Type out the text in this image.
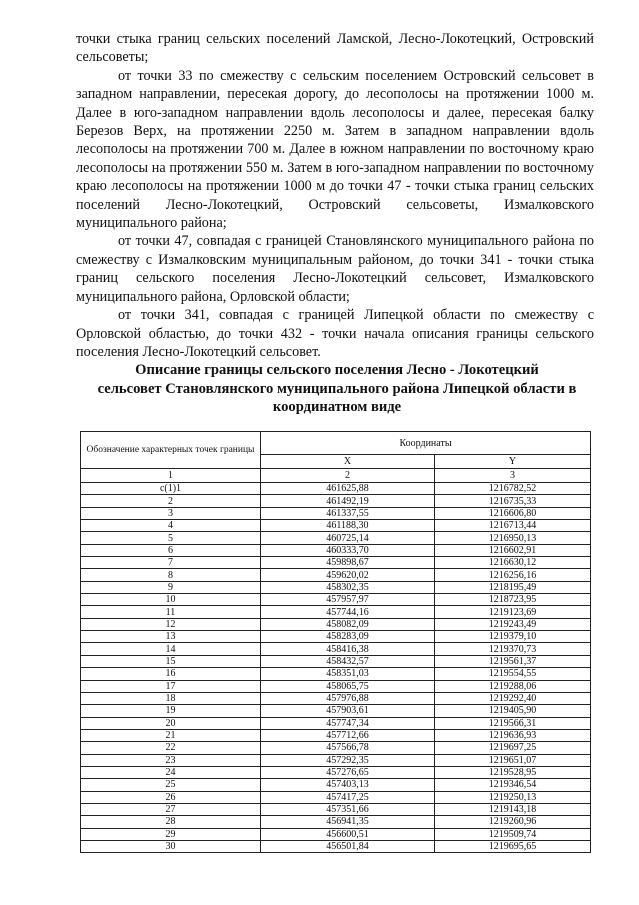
точки стыка границ сельских поселений Ламской, Лесно-Локотецкий, Островский сельсоветы;

от точки 33 по смежеству с сельским поселением Островский сельсовет в западном направлении, пересекая дорогу, до лесополосы на протяжении 1000 м. Далее в юго-западном направлении вдоль лесополосы и далее, пересекая балку Березов Верх, на протяжении 2250 м. Затем в западном направлении вдоль лесополосы на протяжении 700 м. Далее в южном направлении по восточному краю лесополосы на протяжении 550 м. Затем в юго-западном направлении по восточному краю лесополосы на протяжении 1000 м до точки 47 - точки стыка границ сельских поселений Лесно-Локотецкий, Островский сельсоветы, Измалковского муниципального района;

от точки 47, совпадая с границей Становлянского муниципального района по смежеству с Измалковским муниципальным районом, до точки 341 - точки стыка границ сельского поселения Лесно-Локотецкий сельсовет, Измалковского муниципального района, Орловской области;

от точки 341, совпадая с границей Липецкой области по смежеству с Орловской областью, до точки 432 - точки начала описания границы сельского поселения Лесно-Локотецкий сельсовет.

Описание границы сельского поселения Лесно - Локотецкий
сельсовет Становлянского муниципального района Липецкой области в
координатном виде
Обозначение характерных точек границы	Координаты	
	X	Y
1	2	3
с(1)1	461625,88	1216782,52
2	461492,19	1216735,33
3	461337,55	1216606,80
4	461188,30	1216713,44
5	460725,14	1216950,13
6	460333,70	1216602,91
7	459898,67	1216630,12
8	459620,02	1216256,16
9	458302,35	1218195,49
10	457957,97	1218723,95
11	457744,16	1219123,69
12	458082,09	1219243,49
13	458283,09	1219379,10
14	458416,38	1219370,73
15	458432,57	1219561,37
16	458351,03	1219554,55
17	458065,75	1219288,06
18	457976,88	1219292,40
19	457903,61	1219405,90
20	457747,34	1219566,31
21	457712,66	1219636,93
22	457566,78	1219697,25
23	457292,35	1219651,07
24	457276,65	1219528,95
25	457403,13	1219346,54
26	457417,25	1219250,13
27	457351,66	1219143,18
28	456941,35	1219260,96
29	456600,51	1219509,74
30	456501,84	1219695,65
